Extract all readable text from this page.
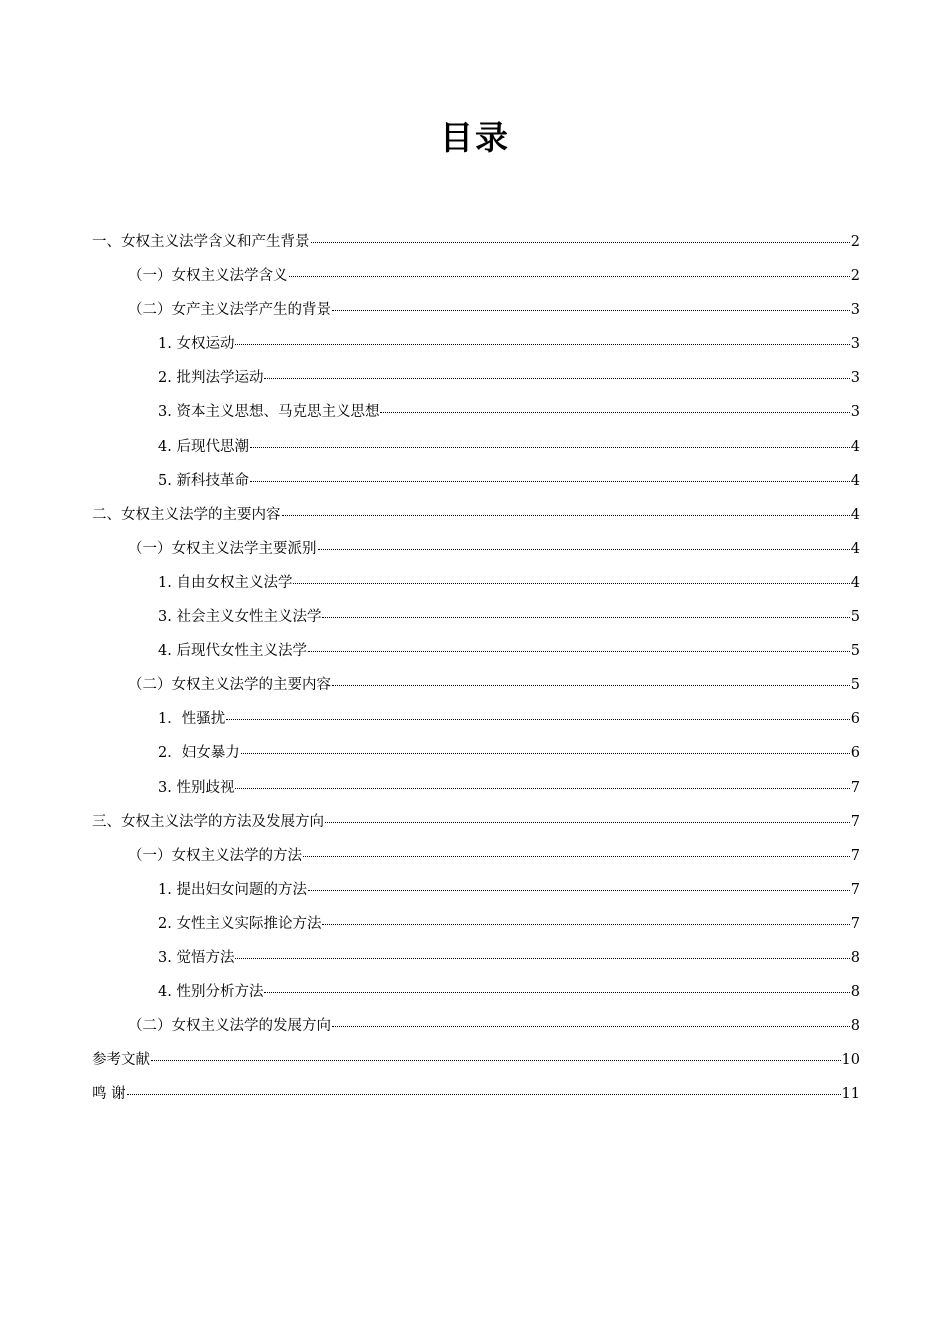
目录
一、女权主义法学含义和产生背景	2
（一）女权主义法学含义	2
（二）女产主义法学产生的背景	3
1. 女权运动	3
2. 批判法学运动	3
3. 资本主义思想、马克思主义思想	3
4. 后现代思潮	4
5. 新科技革命	4
二、女权主义法学的主要内容	4
（一）女权主义法学主要派别	4
1. 自由女权主义法学	4
3. 社会主义女性主义法学	5
4. 后现代女性主义法学	5
（二）女权主义法学的主要内容	5
1．性骚扰	6
2．妇女暴力	6
3. 性别歧视	7
三、女权主义法学的方法及发展方向	7
（一）女权主义法学的方法	7
1. 提出妇女问题的方法	7
2. 女性主义实际推论方法	7
3. 觉悟方法	8
4. 性别分析方法	8
（二）女权主义法学的发展方向	8
参考文献	10
鸣 谢	11
